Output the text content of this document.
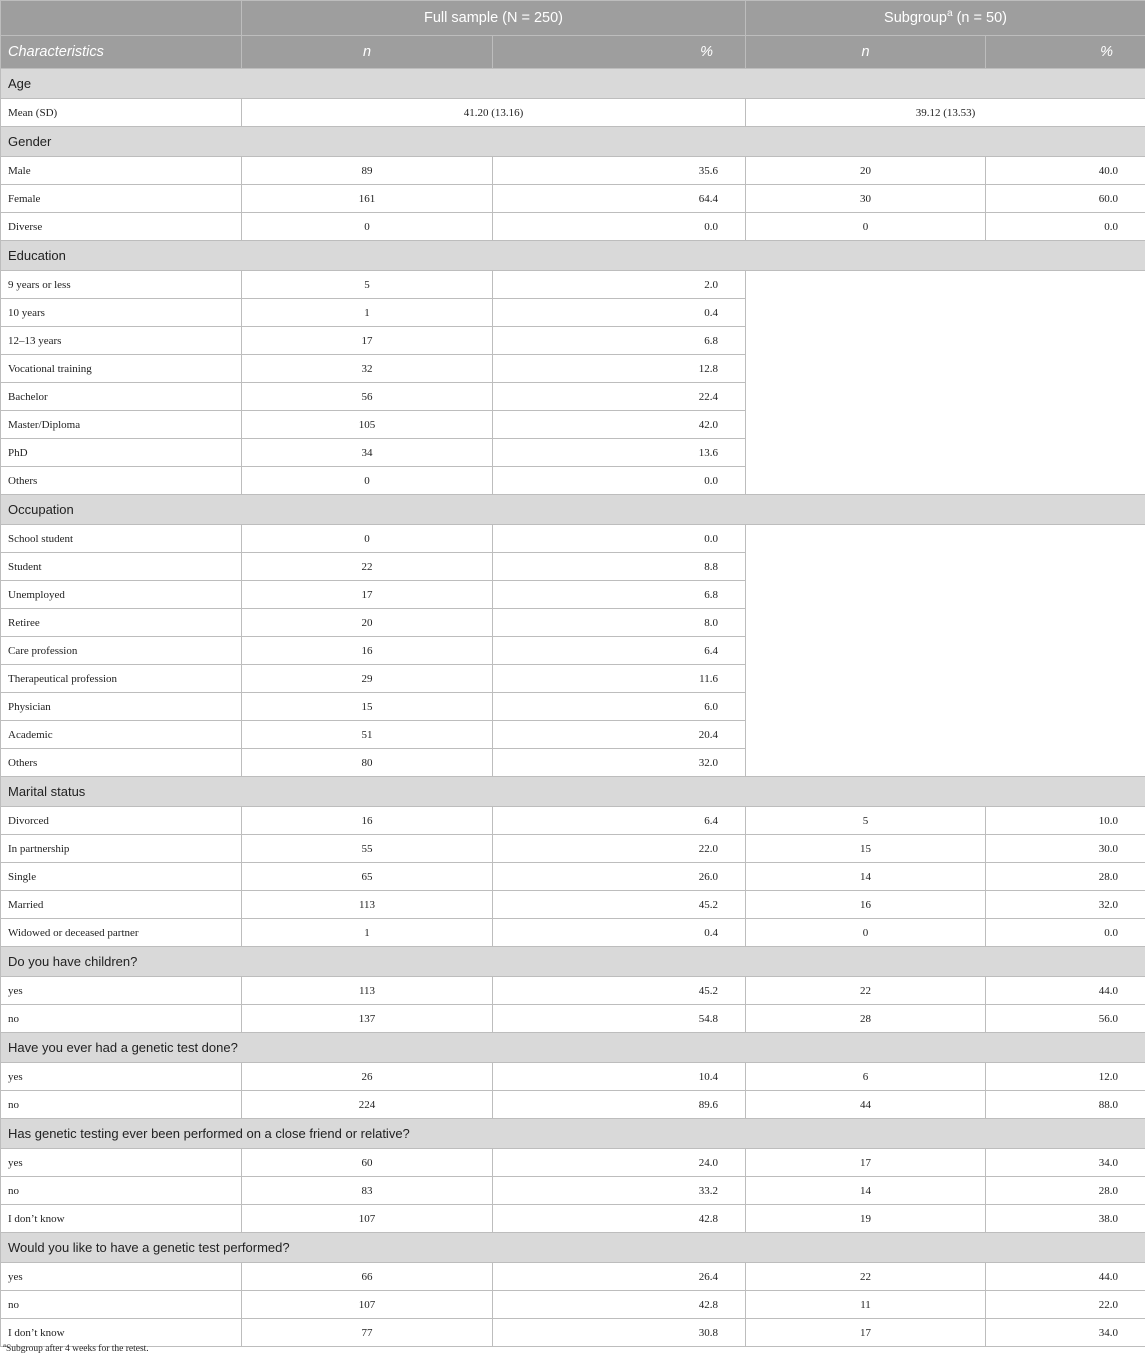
	Full sample (N = 250)		Subgroup$^a$ (n = 50)	
Characteristics	n	%	n	%
Age				
Mean (SD)	41.20 (13.16)		39.12 (13.53)	
Gender				
Male	89	35.6	20	40.0
Female	161	64.4	30	60.0
Diverse	0	0.0	0	0.0
Education				
9 years or less	5	2.0		
10 years	1	0.4		
12–13 years	17	6.8		
Vocational training	32	12.8		
Bachelor	56	22.4		
Master/Diploma	105	42.0		
PhD	34	13.6		
Others	0	0.0		
Occupation				
School student	0	0.0		
Student	22	8.8		
Unemployed	17	6.8		
Retiree	20	8.0		
Care profession	16	6.4		
Therapeutical profession	29	11.6		
Physician	15	6.0		
Academic	51	20.4		
Others	80	32.0		
Marital status				
Divorced	16	6.4	5	10.0
In partnership	55	22.0	15	30.0
Single	65	26.0	14	28.0
Married	113	45.2	16	32.0
Widowed or deceased partner	1	0.4	0	0.0
Do you have children?				
yes	113	45.2	22	44.0
no	137	54.8	28	56.0
Have you ever had a genetic test done?				
yes	26	10.4	6	12.0
no	224	89.6	44	88.0
Has genetic testing ever been performed on a close friend or relative?				
yes	60	24.0	17	34.0
no	83	33.2	14	28.0
I don’t know	107	42.8	19	38.0
Would you like to have a genetic test performed?				
yes	66	26.4	22	44.0
no	107	42.8	11	22.0
I don’t know	77	30.8	17	34.0
$^a$Subgroup after 4 weeks for the retest.
